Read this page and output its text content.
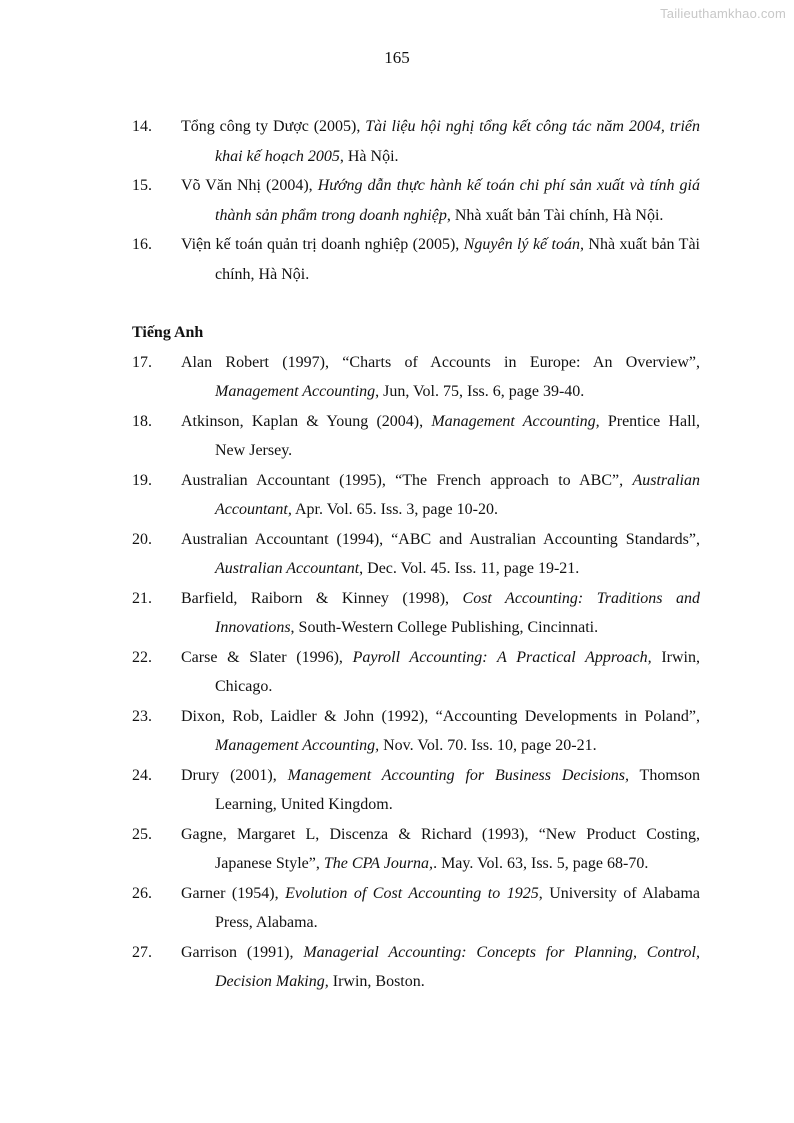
Tailieuthamkhao.com
165

14. Tổng công ty Dược (2005), Tài liệu hội nghị tổng kết công tác năm 2004, triển khai kế hoạch 2005, Hà Nội.

15. Võ Văn Nhị (2004), Hướng dẫn thực hành kế toán chi phí sản xuất và tính giá thành sản phẩm trong doanh nghiệp, Nhà xuất bản Tài chính, Hà Nội.

16. Viện kế toán quản trị doanh nghiệp (2005), Nguyên lý kế toán, Nhà xuất bản Tài chính, Hà Nội.

Tiếng Anh

17. Alan Robert (1997), “Charts of Accounts in Europe: An Overview”, Management Accounting, Jun, Vol. 75, Iss. 6, page 39-40.

18. Atkinson, Kaplan & Young (2004), Management Accounting, Prentice Hall, New Jersey.

19. Australian Accountant (1995), “The French approach to ABC”, Australian Accountant, Apr. Vol. 65. Iss. 3, page 10-20.

20. Australian Accountant (1994), “ABC and Australian Accounting Standards”, Australian Accountant, Dec. Vol. 45. Iss. 11, page 19-21.

21. Barfield, Raiborn & Kinney (1998), Cost Accounting: Traditions and Innovations, South-Western College Publishing, Cincinnati.

22. Carse & Slater (1996), Payroll Accounting: A Practical Approach, Irwin, Chicago.

23. Dixon, Rob, Laidler & John (1992), “Accounting Developments in Poland”, Management Accounting, Nov. Vol. 70. Iss. 10, page 20-21.

24. Drury (2001), Management Accounting for Business Decisions, Thomson Learning, United Kingdom.

25. Gagne, Margaret L, Discenza & Richard (1993), “New Product Costing, Japanese Style”, The CPA Journa,. May. Vol. 63, Iss. 5, page 68-70.

26. Garner (1954), Evolution of Cost Accounting to 1925, University of Alabama Press, Alabama.

27. Garrison (1991), Managerial Accounting: Concepts for Planning, Control, Decision Making, Irwin, Boston.
